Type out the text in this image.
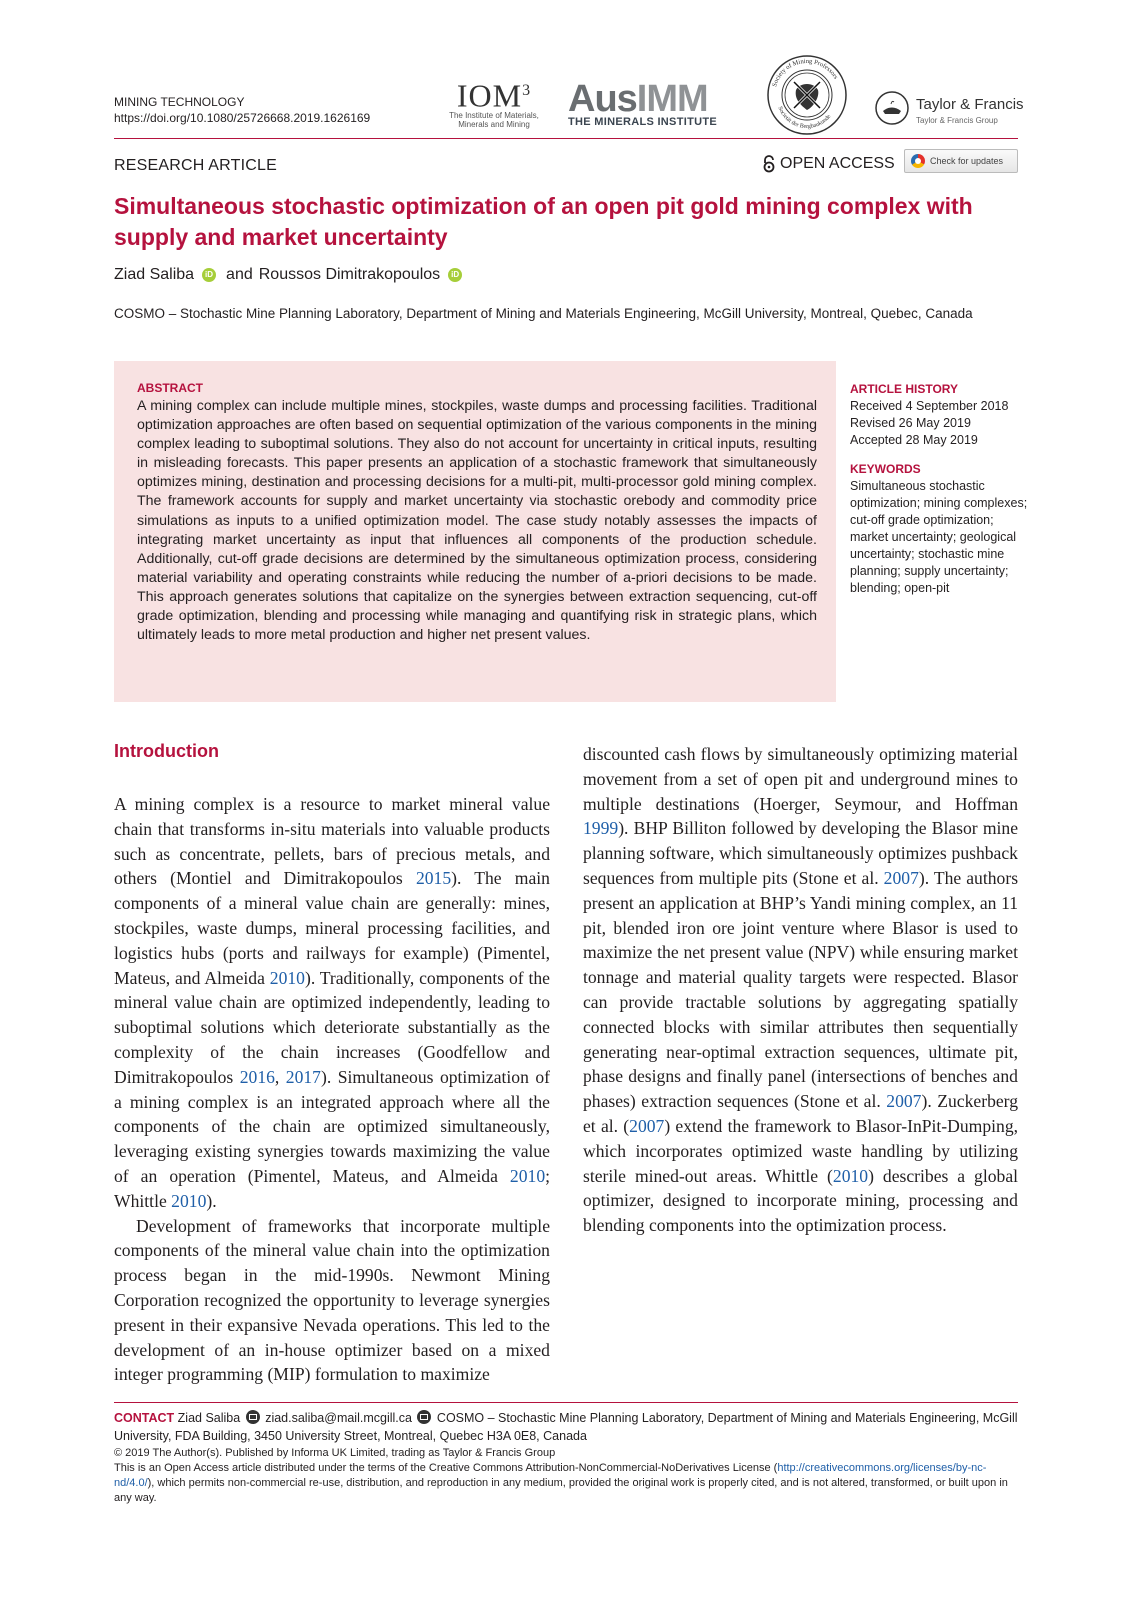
MINING TECHNOLOGY
https://doi.org/10.1080/25726668.2019.1626169
IOM$^3$
The Institute of Materials,
Minerals and Mining
AusIMM
THE MINERALS INSTITUTE
Society of Mining Professors
Societät der Bergbaukunde
Taylor & Francis
Taylor & Francis Group
RESEARCH ARTICLE	OPEN ACCESS	Check for updates
Simultaneous stochastic optimization of an open pit gold mining complex with supply and market uncertainty
Ziad Saliba	iD and Roussos Dimitrakopoulos	iD
COSMO – Stochastic Mine Planning Laboratory, Department of Mining and Materials Engineering, McGill University, Montreal, Quebec, Canada
ABSTRACT
A mining complex can include multiple mines, stockpiles, waste dumps and processing facilities. Traditional optimization approaches are often based on sequential optimization of the various components in the mining complex leading to suboptimal solutions. They also do not account for uncertainty in critical inputs, resulting in misleading forecasts. This paper presents an application of a stochastic framework that simultaneously optimizes mining, destination and processing decisions for a multi-pit, multi-processor gold mining complex. The framework accounts for supply and market uncertainty via stochastic orebody and commodity price simulations as inputs to a unified optimization model. The case study notably assesses the impacts of integrating market uncertainty as input that influences all components of the production schedule. Additionally, cut-off grade decisions are determined by the simultaneous optimization process, considering material variability and operating constraints while reducing the number of a-priori decisions to be made. This approach generates solutions that capitalize on the synergies between extraction sequencing, cut-off grade optimization, blending and processing while managing and quantifying risk in strategic plans, which ultimately leads to more metal production and higher net present values.
ARTICLE HISTORY
Received 4 September 2018
Revised 26 May 2019
Accepted 28 May 2019
KEYWORDS
Simultaneous stochastic optimization; mining complexes; cut-off grade optimization; market uncertainty; geological uncertainty; stochastic mine planning; supply uncertainty; blending; open-pit
Introduction

A mining complex is a resource to market mineral value chain that transforms in-situ materials into valuable products such as concentrate, pellets, bars of precious metals, and others (Montiel and Dimitrakopoulos 2015). The main components of a mineral value chain are generally: mines, stockpiles, waste dumps, mineral processing facilities, and logistics hubs (ports and railways for example) (Pimentel, Mateus, and Almeida 2010). Traditionally, components of the mineral value chain are optimized independently, leading to suboptimal solutions which deteriorate substantially as the complexity of the chain increases (Goodfellow and Dimitrakopoulos 2016, 2017). Simultaneous optimization of a mining complex is an integrated approach where all the components of the chain are optimized simultaneously, leveraging existing synergies towards maximizing the value of an operation (Pimentel, Mateus, and Almeida 2010; Whittle 2010).

Development of frameworks that incorporate multiple components of the mineral value chain into the optimization process began in the mid-1990s. Newmont Mining Corporation recognized the opportunity to leverage synergies present in their expansive Nevada operations. This led to the development of an in-house optimizer based on a mixed integer programming (MIP) formulation to maximize

discounted cash flows by simultaneously optimizing material movement from a set of open pit and underground mines to multiple destinations (Hoerger, Seymour, and Hoffman 1999). BHP Billiton followed by developing the Blasor mine planning software, which simultaneously optimizes pushback sequences from multiple pits (Stone et al. 2007). The authors present an application at BHP’s Yandi mining complex, an 11 pit, blended iron ore joint venture where Blasor is used to maximize the net present value (NPV) while ensuring market tonnage and material quality targets were respected. Blasor can provide tractable solutions by aggregating spatially connected blocks with similar attributes then sequentially generating near-optimal extraction sequences, ultimate pit, phase designs and finally panel (intersections of benches and phases) extraction sequences (Stone et al. 2007). Zuckerberg et al. (2007) extend the framework to Blasor-InPit-Dumping, which incorporates optimized waste handling by utilizing sterile mined-out areas. Whittle (2010) describes a global optimizer, designed to incorporate mining, processing and blending components into the optimization process.

CONTACT Ziad Saliba ziad.saliba@mail.mcgill.ca COSMO – Stochastic Mine Planning Laboratory, Department of Mining and Materials Engineering, McGill University, FDA Building, 3450 University Street, Montreal, Quebec H3A 0E8, Canada
© 2019 The Author(s). Published by Informa UK Limited, trading as Taylor & Francis Group
This is an Open Access article distributed under the terms of the Creative Commons Attribution-NonCommercial-NoDerivatives License (http://creativecommons.org/licenses/by-nc-nd/4.0/), which permits non-commercial re-use, distribution, and reproduction in any medium, provided the original work is properly cited, and is not altered, transformed, or built upon in any way.
